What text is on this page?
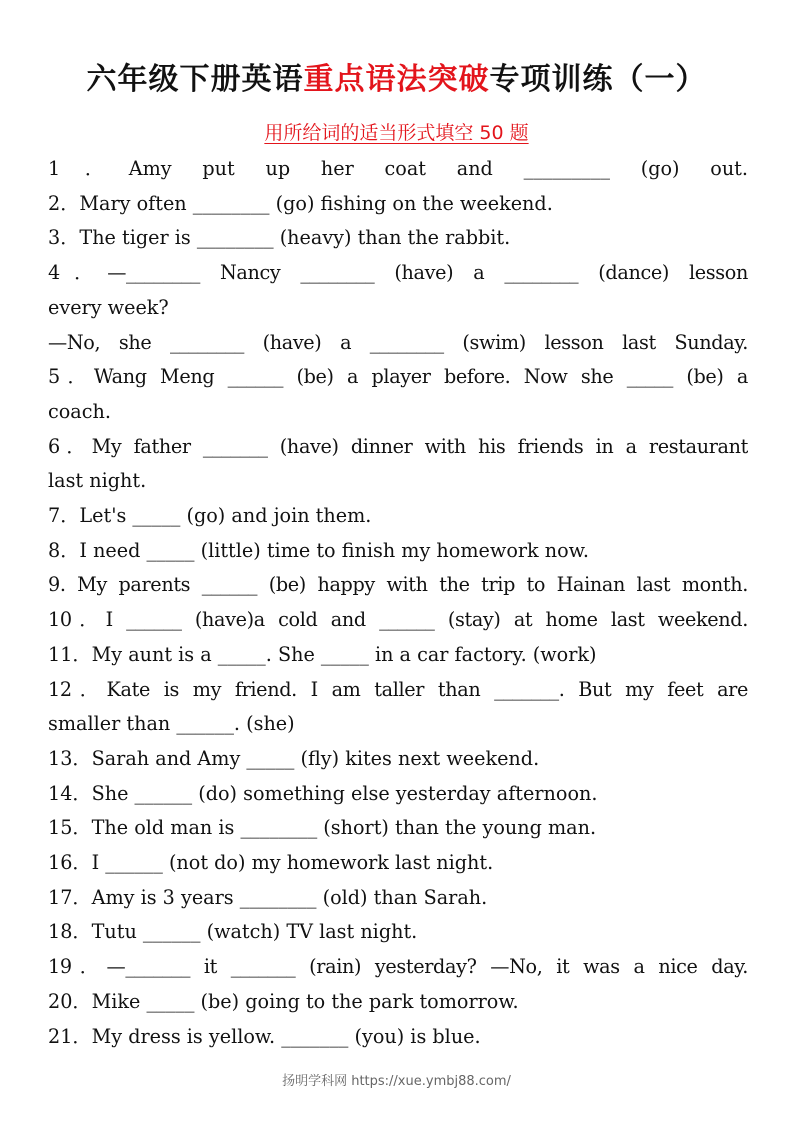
六年级下册英语重点语法突破专项训练（一）
用所给词的适当形式填空 50 题
1．Amy put up her coat and _________ (go) out.
2．Mary often ________ (go) fishing on the weekend.
3．The tiger is ________ (heavy) than the rabbit.
4．—________ Nancy ________ (have) a ________ (dance) lesson
every week?
—No, she ________ (have) a ________ (swim) lesson last Sunday.
5．Wang Meng ______ (be) a player before. Now she _____ (be) a
coach.
6．My father _______ (have) dinner with his friends in a restaurant
last night.
7．Let's _____ (go) and join them.
8．I need _____ (little) time to finish my homework now.
9. My parents ______ (be) happy with the trip to Hainan last month.
10．I ______ (have)a cold and ______ (stay) at home last weekend.
11．My aunt is a _____. She _____ in a car factory. (work)
12．Kate is my friend. I am taller than _______. But my feet are
smaller than ______. (she)
13．Sarah and Amy _____ (fly) kites next weekend.
14．She ______ (do) something else yesterday afternoon.
15．The old man is ________ (short) than the young man.
16．I ______ (not do) my homework last night.
17．Amy is 3 years ________ (old) than Sarah.
18．Tutu ______ (watch) TV last night.
19．—_______ it _______ (rain) yesterday? —No, it was a nice day.
20．Mike _____ (be) going to the park tomorrow.
21．My dress is yellow. _______ (you) is blue.
扬明学科网 https://xue.ymbj88.com/
